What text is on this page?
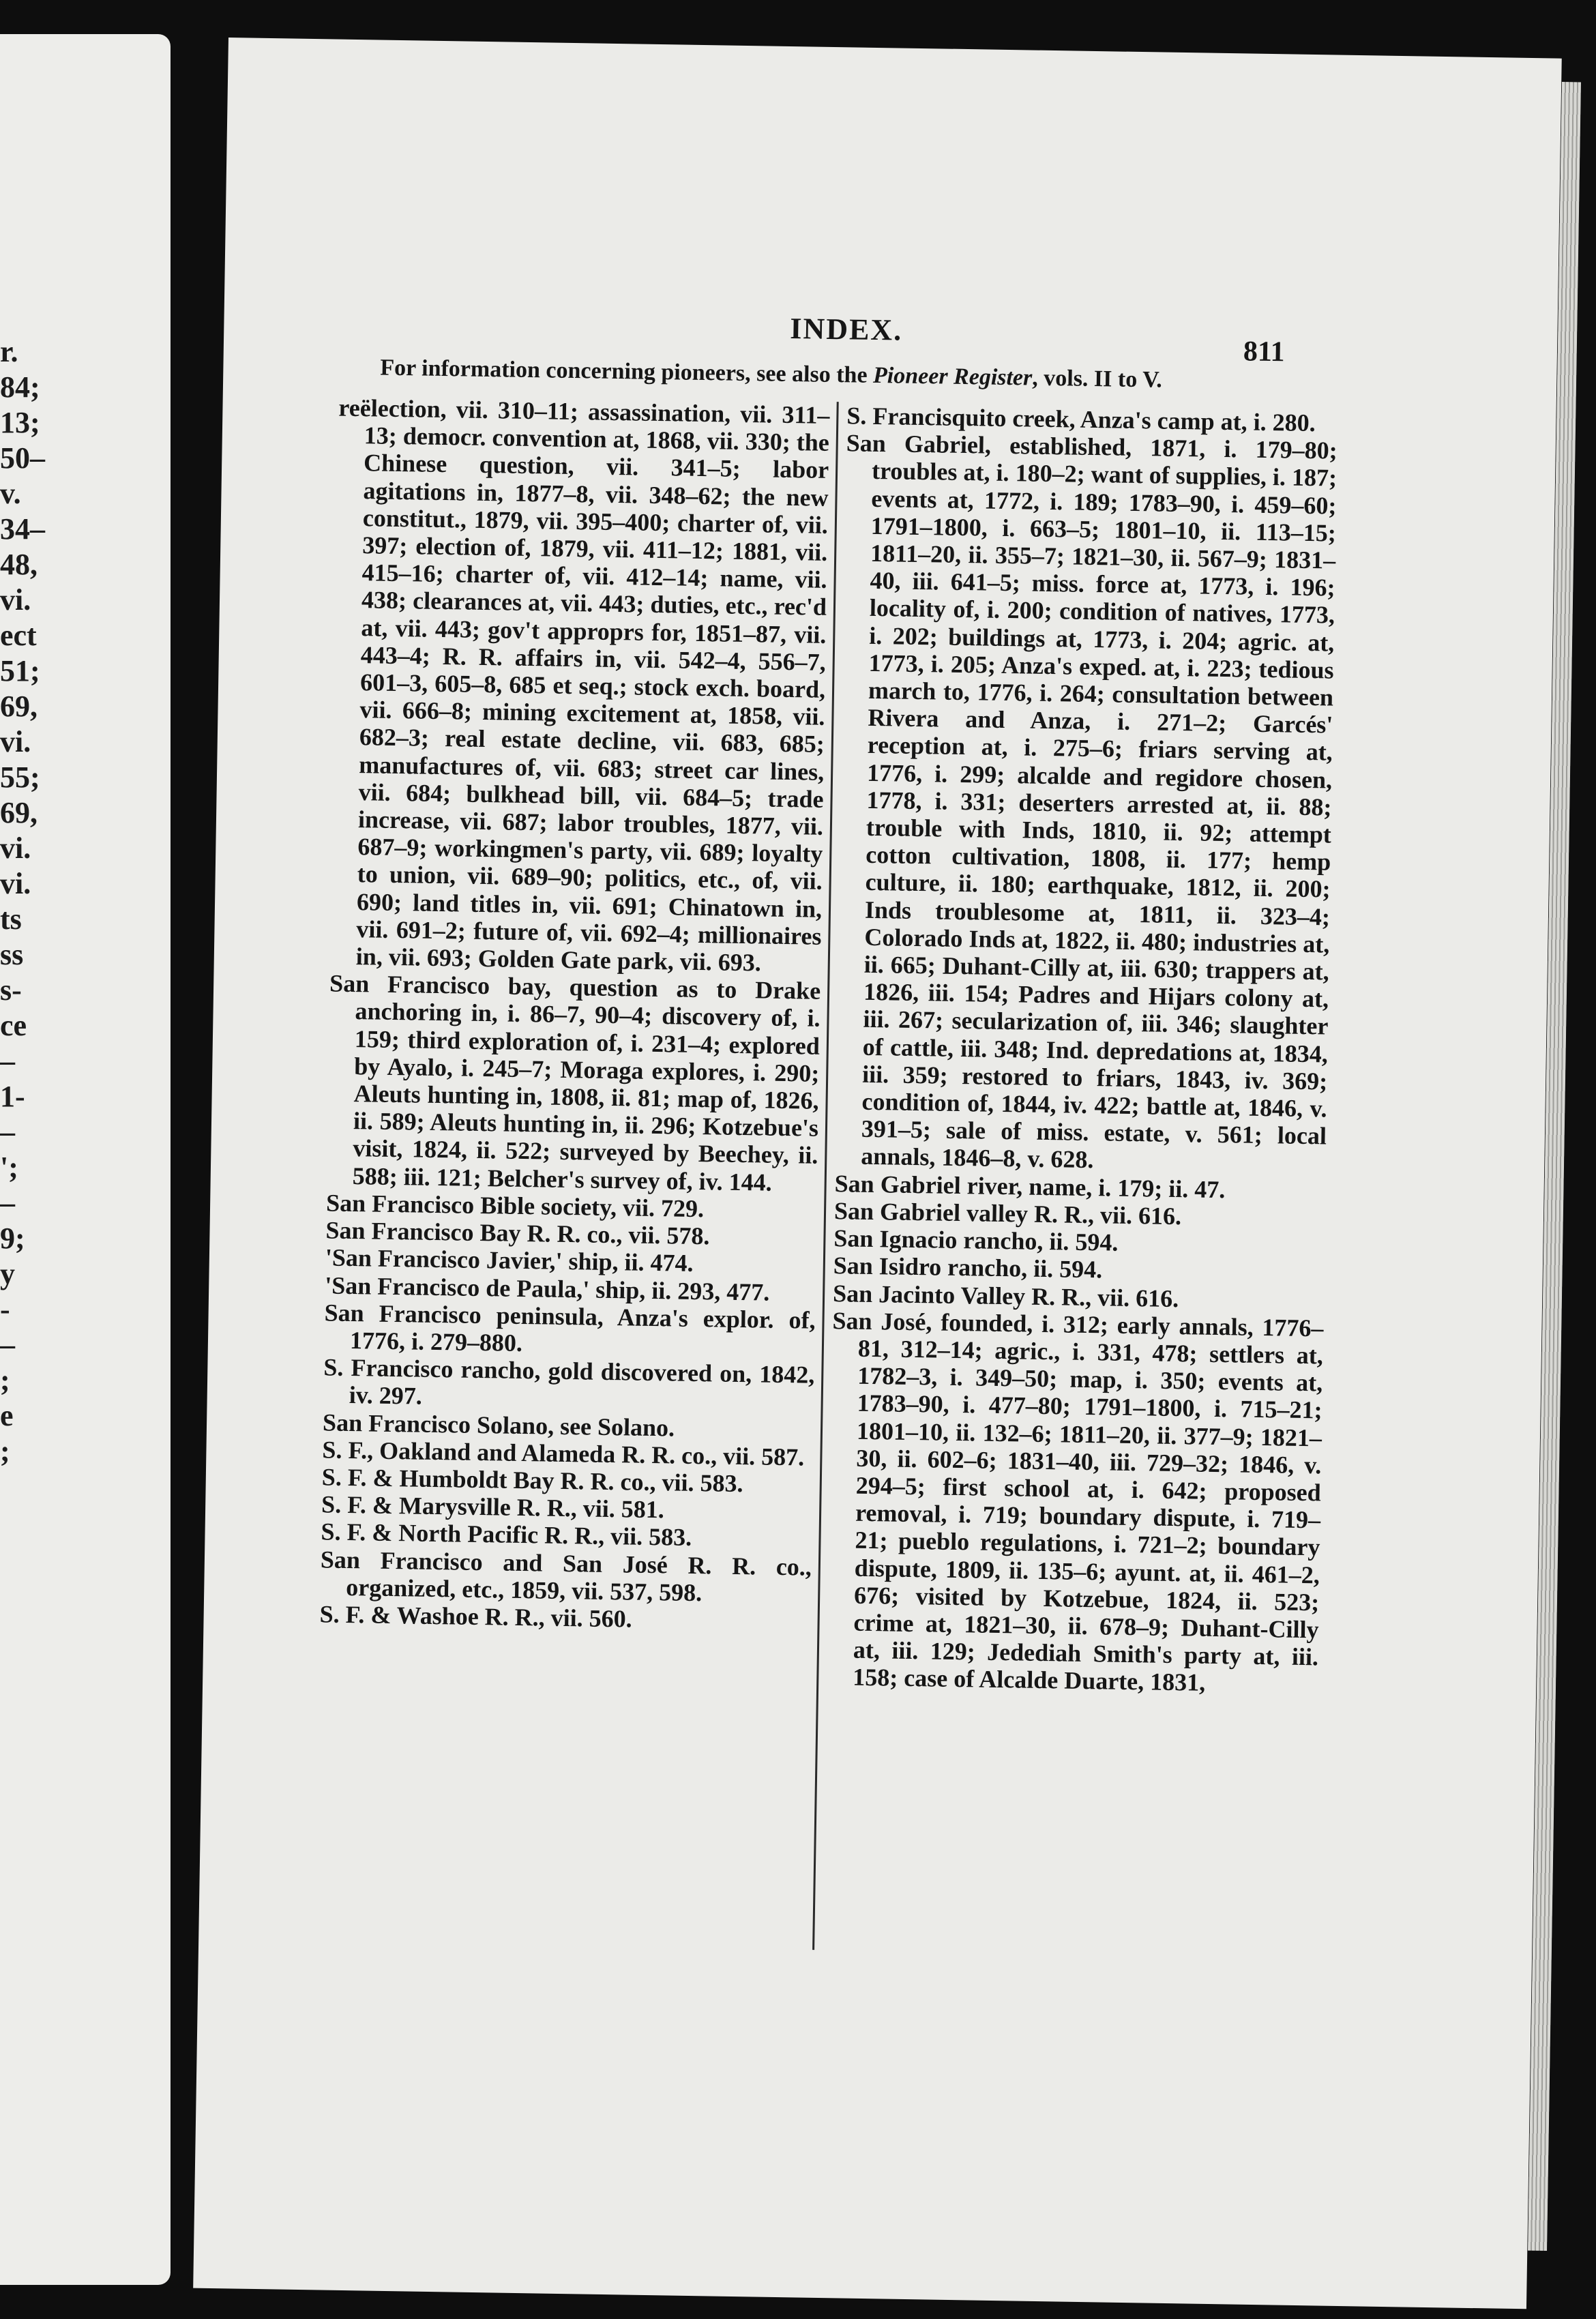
r.
84;
13;
50–
v.
34–
48,
vi.
ect
51;
69,
vi.
55;
69,
vi.
vi.
ts
ss
s-
ce
–
1-
–
';
–
9;
y
-
–
;
e
;
INDEX.
811
For information concerning pioneers, see also the Pioneer Register, vols. II to V.
reëlection, vii. 310–11; assassination, vii. 311–13; democr. convention at, 1868, vii. 330; the Chinese question, vii. 341–5; labor agitations in, 1877–8, vii. 348–62; the new constitut., 1879, vii. 395–400; charter of, vii. 397; election of, 1879, vii. 411–12; 1881, vii. 415–16; charter of, vii. 412–14; name, vii. 438; clearances at, vii. 443; duties, etc., rec'd at, vii. 443; gov't approprs for, 1851–87, vii. 443–4; R. R. affairs in, vii. 542–4, 556–7, 601–3, 605–8, 685 et seq.; stock exch. board, vii. 666–8; mining excitement at, 1858, vii. 682–3; real estate decline, vii. 683, 685; manufactures of, vii. 683; street car lines, vii. 684; bulkhead bill, vii. 684–5; trade increase, vii. 687; labor troubles, 1877, vii. 687–9; workingmen's party, vii. 689; loyalty to union, vii. 689–90; politics, etc., of, vii. 690; land titles in, vii. 691; Chinatown in, vii. 691–2; future of, vii. 692–4; millionaires in, vii. 693; Golden Gate park, vii. 693.
San Francisco bay, question as to Drake anchoring in, i. 86–7, 90–4; discovery of, i. 159; third exploration of, i. 231–4; explored by Ayalo, i. 245–7; Moraga explores, i. 290; Aleuts hunting in, 1808, ii. 81; map of, 1826, ii. 589; Aleuts hunting in, ii. 296; Kotzebue's visit, 1824, ii. 522; surveyed by Beechey, ii. 588; iii. 121; Belcher's survey of, iv. 144.
San Francisco Bible society, vii. 729.
San Francisco Bay R. R. co., vii. 578.
'San Francisco Javier,' ship, ii. 474.
'San Francisco de Paula,' ship, ii. 293, 477.
San Francisco peninsula, Anza's explor. of, 1776, i. 279–880.
S. Francisco rancho, gold discovered on, 1842, iv. 297.
San Francisco Solano, see Solano.
S. F., Oakland and Alameda R. R. co., vii. 587.
S. F. & Humboldt Bay R. R. co., vii. 583.
S. F. & Marysville R. R., vii. 581.
S. F. & North Pacific R. R., vii. 583.
San Francisco and San José R. R. co., organized, etc., 1859, vii. 537, 598.
S. F. & Washoe R. R., vii. 560.
S. Francisquito creek, Anza's camp at, i. 280.
San Gabriel, established, 1871, i. 179–80; troubles at, i. 180–2; want of supplies, i. 187; events at, 1772, i. 189; 1783–90, i. 459–60; 1791–1800, i. 663–5; 1801–10, ii. 113–15; 1811–20, ii. 355–7; 1821–30, ii. 567–9; 1831–40, iii. 641–5; miss. force at, 1773, i. 196; locality of, i. 200; condition of natives, 1773, i. 202; buildings at, 1773, i. 204; agric. at, 1773, i. 205; Anza's exped. at, i. 223; tedious march to, 1776, i. 264; consultation between Rivera and Anza, i. 271–2; Garcés' reception at, i. 275–6; friars serving at, 1776, i. 299; alcalde and regidore chosen, 1778, i. 331; deserters arrested at, ii. 88; trouble with Inds, 1810, ii. 92; attempt cotton cultivation, 1808, ii. 177; hemp culture, ii. 180; earthquake, 1812, ii. 200; Inds troublesome at, 1811, ii. 323–4; Colorado Inds at, 1822, ii. 480; industries at, ii. 665; Duhant-Cilly at, iii. 630; trappers at, 1826, iii. 154; Padres and Hijars colony at, iii. 267; secularization of, iii. 346; slaughter of cattle, iii. 348; Ind. depredations at, 1834, iii. 359; restored to friars, 1843, iv. 369; condition of, 1844, iv. 422; battle at, 1846, v. 391–5; sale of miss. estate, v. 561; local annals, 1846–8, v. 628.
San Gabriel river, name, i. 179; ii. 47.
San Gabriel valley R. R., vii. 616.
San Ignacio rancho, ii. 594.
San Isidro rancho, ii. 594.
San Jacinto Valley R. R., vii. 616.
San José, founded, i. 312; early annals, 1776–81, 312–14; agric., i. 331, 478; settlers at, 1782–3, i. 349–50; map, i. 350; events at, 1783–90, i. 477–80; 1791–1800, i. 715–21; 1801–10, ii. 132–6; 1811–20, ii. 377–9; 1821–30, ii. 602–6; 1831–40, iii. 729–32; 1846, v. 294–5; first school at, i. 642; proposed removal, i. 719; boundary dispute, i. 719–21; pueblo regulations, i. 721–2; boundary dispute, 1809, ii. 135–6; ayunt. at, ii. 461–2, 676; visited by Kotzebue, 1824, ii. 523; crime at, 1821–30, ii. 678–9; Duhant-Cilly at, iii. 129; Jedediah Smith's party at, iii. 158; case of Alcalde Duarte, 1831,
